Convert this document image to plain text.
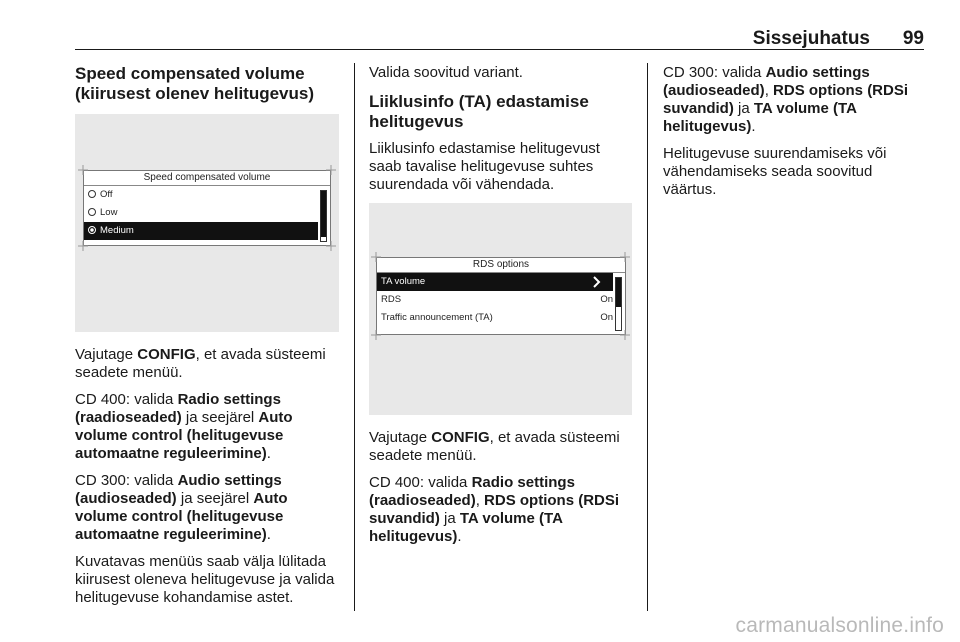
Sissejuhatus 99
Speed compensated volume (kiirusest olenev helitugevus)
Speed compensated volume
Off
Low
Medium

Vajutage CONFIG, et avada süsteemi seadete menüü.

CD 400: valida Radio settings (raadioseaded) ja seejärel Auto volume control (helitugevuse automaatne reguleerimine).

CD 300: valida Audio settings (audioseaded) ja seejärel Auto volume control (helitugevuse automaatne reguleerimine).

Kuvatavas menüüs saab välja lülitada kiirusest oleneva helitugevuse ja valida helitugevuse kohandamise astet.

Valida soovitud variant.

Liiklusinfo (TA) edastamise helitugevus

Liiklusinfo edastamise helitugevust saab tavalise helitugevuse suhtes suurendada või vähendada.

RDS options
TA volume
RDS	On
Traffic announcement (TA)	On

Vajutage CONFIG, et avada süsteemi seadete menüü.

CD 400: valida Radio settings (raadioseaded), RDS options (RDSi suvandid) ja TA volume (TA helitugevus).

CD 300: valida Audio settings (audioseaded), RDS options (RDSi suvandid) ja TA volume (TA helitugevus).

Helitugevuse suurendamiseks või vähendamiseks seada soovitud väärtus.

carmanualsonline.info
